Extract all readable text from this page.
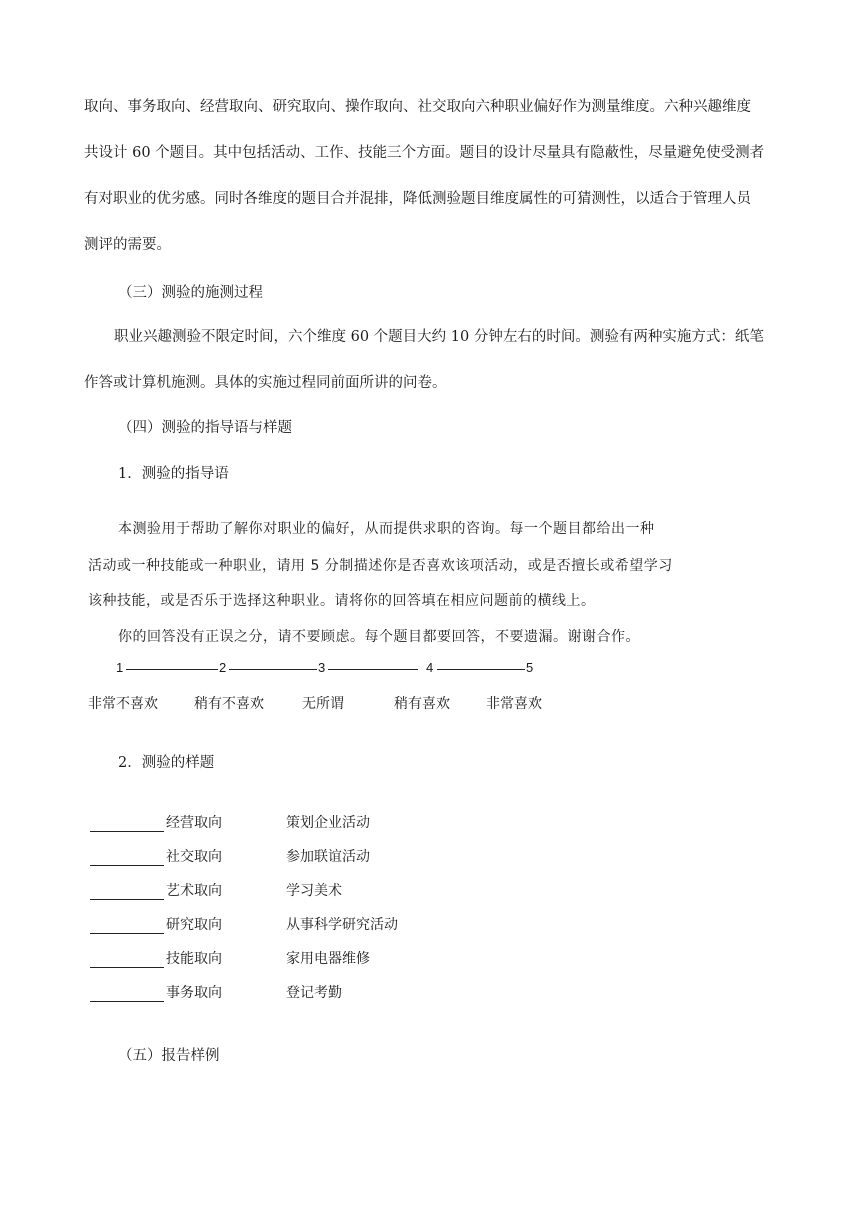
取向、事务取向、经营取向、研究取向、操作取向、社交取向六种职业偏好作为测量维度。六种兴趣维度

共设计 60 个题目。其中包括活动、工作、技能三个方面。题目的设计尽量具有隐蔽性，尽量避免使受测者

有对职业的优劣感。同时各维度的题目合并混排，降低测验题目维度属性的可猜测性，以适合于管理人员

测评的需要。

（三）测验的施测过程

职业兴趣测验不限定时间，六个维度 60 个题目大约 10 分钟左右的时间。测验有两种实施方式：纸笔

作答或计算机施测。具体的实施过程同前面所讲的问卷。

（四）测验的指导语与样题

1．测验的指导语

本测验用于帮助了解你对职业的偏好，从而提供求职的咨询。每一个题目都给出一种

活动或一种技能或一种职业，请用 5 分制描述你是否喜欢该项活动，或是否擅长或希望学习

该种技能，或是否乐于选择这种职业。请将你的回答填在相应问题前的横线上。

你的回答没有正误之分，请不要顾虑。每个题目都要回答，不要遗漏。谢谢合作。

1	2	3	4	5
非常不喜欢	稍有不喜欢	无所谓	稍有喜欢	非常喜欢

2．测验的样题

经营取向	策划企业活动
社交取向	参加联谊活动
艺术取向	学习美术
研究取向	从事科学研究活动
技能取向	家用电器维修
事务取向	登记考勤

（五）报告样例
